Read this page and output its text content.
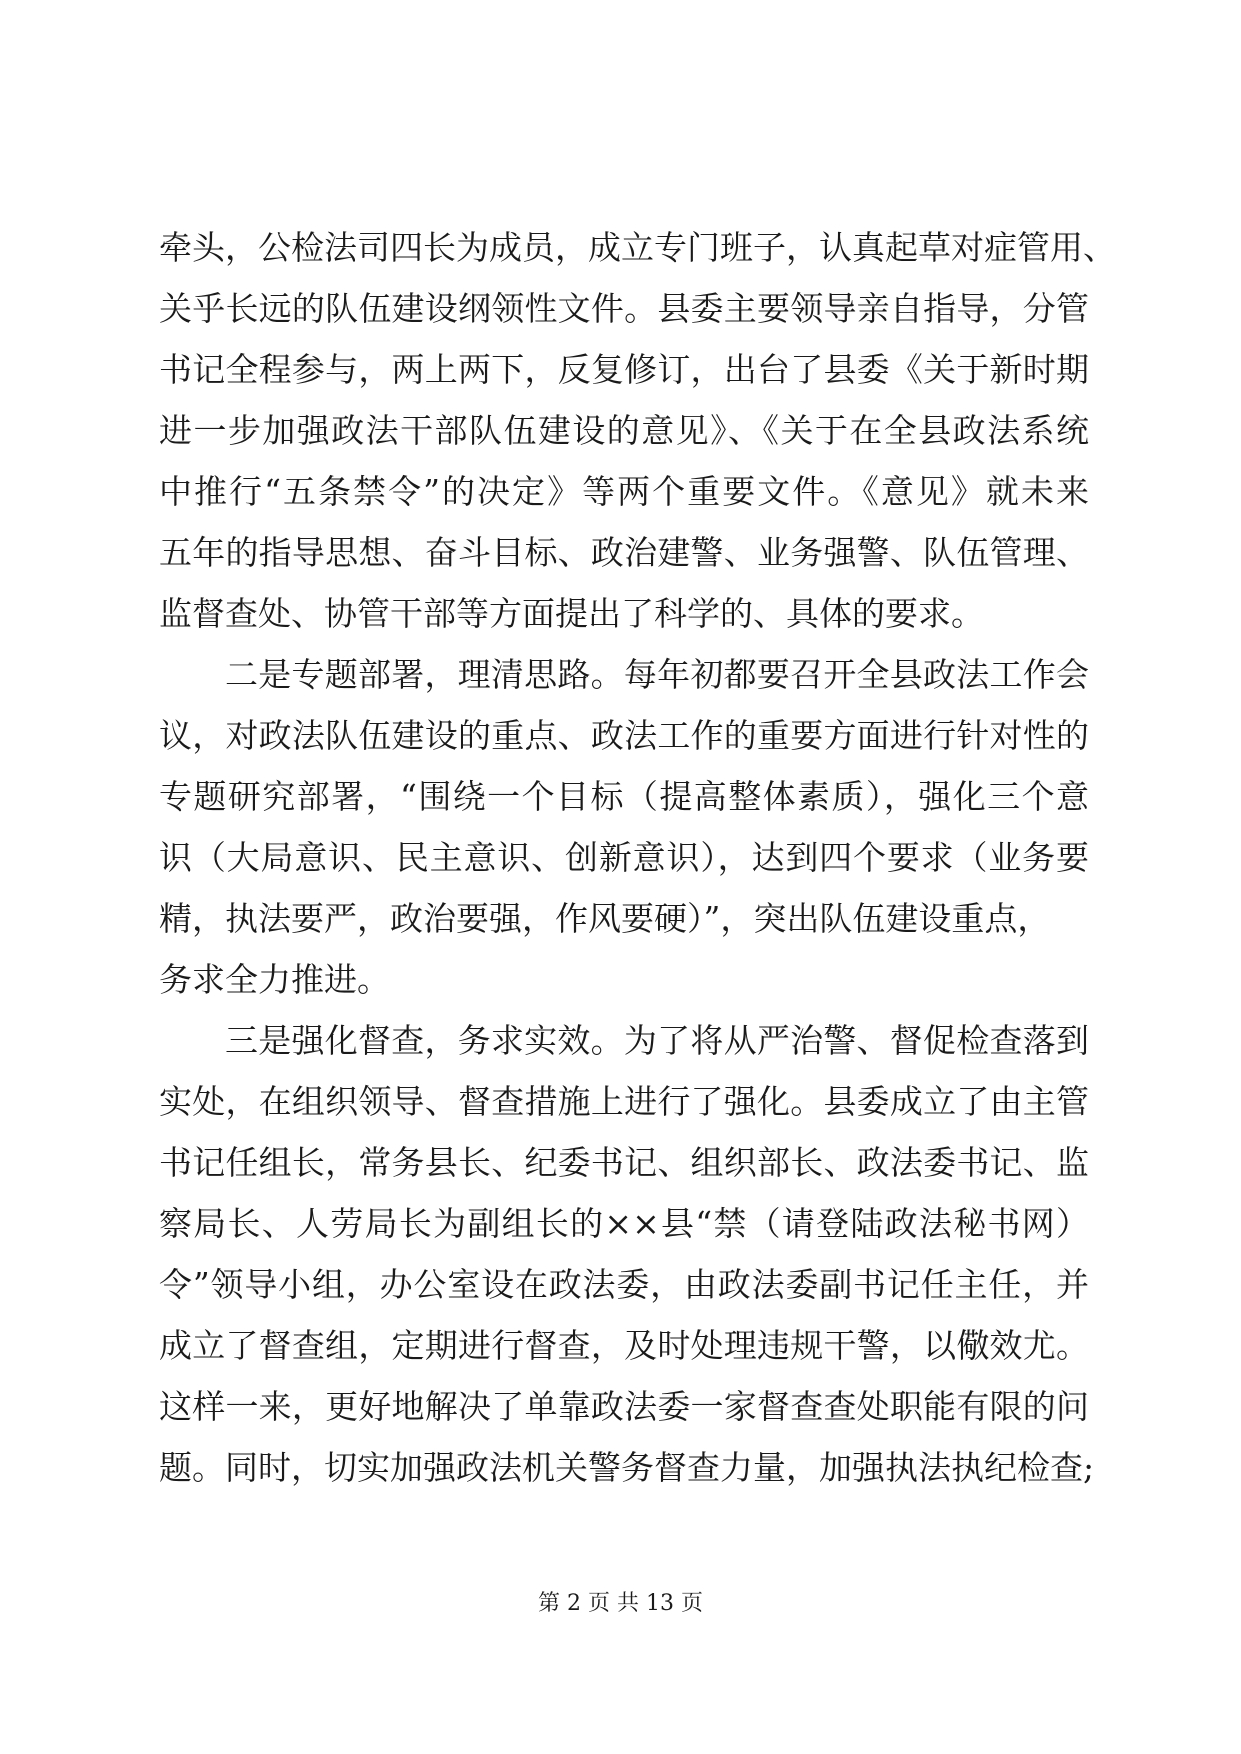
牵头，公检法司四长为成员，成立专门班子，认真起草对症管用、
关乎长远的队伍建设纲领性文件。县委主要领导亲自指导，分管
书记全程参与，两上两下，反复修订，出台了县委《关于新时期
进一步加强政法干部队伍建设的意见》、《关于在全县政法系统
中推行“五条禁令”的决定》等两个重要文件。《意见》就未来
五年的指导思想、奋斗目标、政治建警、业务强警、队伍管理、
监督查处、协管干部等方面提出了科学的、具体的要求。
二是专题部署，理清思路。每年初都要召开全县政法工作会
议，对政法队伍建设的重点、政法工作的重要方面进行针对性的
专题研究部署，“围绕一个目标（提高整体素质），强化三个意
识（大局意识、民主意识、创新意识），达到四个要求（业务要
精，执法要严，政治要强，作风要硬）”，突出队伍建设重点，
务求全力推进。
三是强化督查，务求实效。为了将从严治警、督促检查落到
实处，在组织领导、督查措施上进行了强化。县委成立了由主管
书记任组长，常务县长、纪委书记、组织部长、政法委书记、监
察局长、人劳局长为副组长的××县“禁（请登陆政法秘书网）
令”领导小组，办公室设在政法委，由政法委副书记任主任，并
成立了督查组，定期进行督查，及时处理违规干警，以儆效尤。
这样一来，更好地解决了单靠政法委一家督查查处职能有限的问
题。同时，切实加强政法机关警务督查力量，加强执法执纪检查;
第 2 页 共 13 页
